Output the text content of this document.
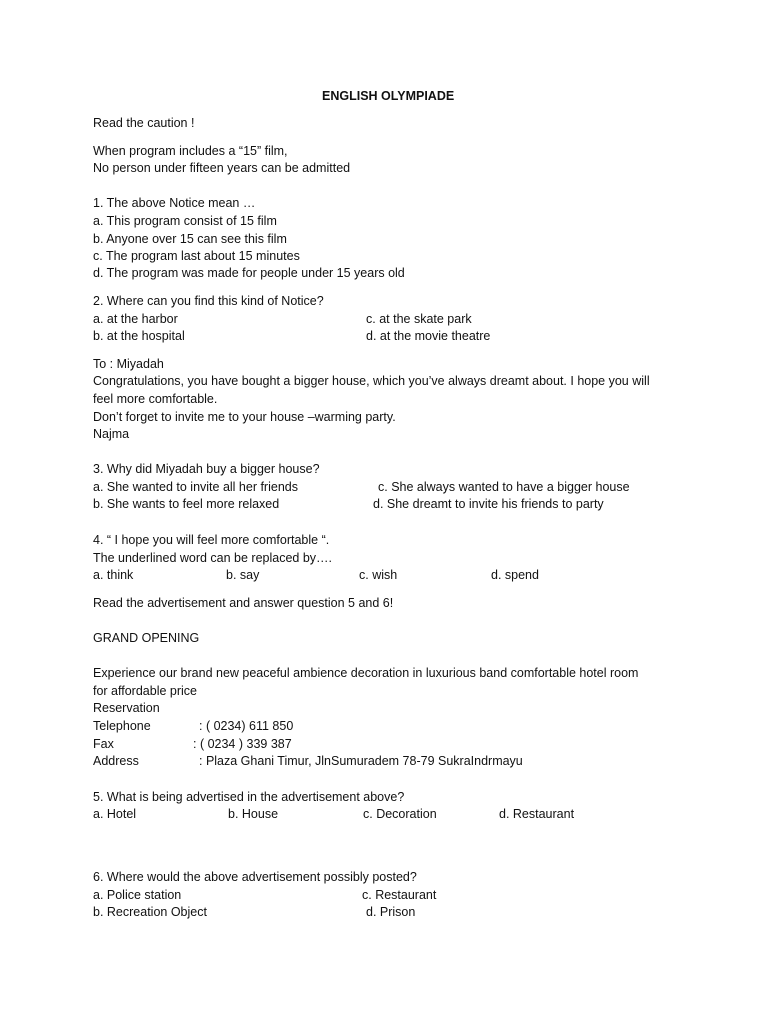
ENGLISH OLYMPIADE
Read the caution !
When program includes a “15” film,
No person under fifteen years can be admitted
1. The above Notice mean …
a. This program consist of 15 film
b. Anyone over 15 can see this film
c. The program last about 15 minutes
d. The program was made for people under 15 years old
2. Where can you find this kind of Notice?
a. at the harbor	c. at the skate park
b. at the hospital	d. at the movie theatre
To : Miyadah
Congratulations, you have bought a bigger house, which you’ve always dreamt about. I hope you will
feel more comfortable.
Don’t forget to invite me to your house –warming party.
Najma
3. Why did Miyadah buy a bigger house?
a. She wanted to invite all her friends	c. She always wanted to have a bigger house
b. She wants to feel more relaxed	d. She dreamt to invite his friends to party
4. “ I hope you will feel more comfortable “.
The underlined word can be replaced by….
a. think	b. say	c. wish	d. spend
Read the advertisement and answer question 5 and 6!
GRAND OPENING
Experience our brand new peaceful ambience decoration in luxurious band comfortable hotel room
for affordable price
Reservation
Telephone	: ( 0234) 611 850
Fax	: ( 0234 ) 339 387
Address	: Plaza Ghani Timur, JlnSumuradem 78-79 SukraIndrmayu
5. What is being advertised in the advertisement above?
a. Hotel	b. House	c. Decoration	d. Restaurant
6. Where would the above advertisement possibly posted?
a. Police station	c. Restaurant
b. Recreation Object	d. Prison
